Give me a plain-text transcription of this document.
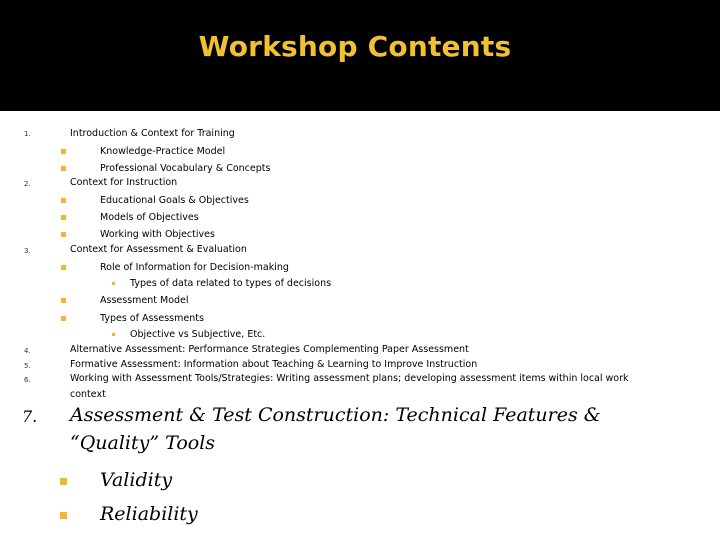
Workshop Contents
1.	Introduction & Context for Training
Knowledge-Practice Model
Professional Vocabulary & Concepts
2.	Context for Instruction
Educational Goals & Objectives
Models of Objectives
Working with Objectives
3.	Context for Assessment & Evaluation
Role of Information for Decision-making
Types of data related to types of decisions
Assessment Model
Types of Assessments
Objective vs Subjective, Etc.
4.	Alternative Assessment: Performance Strategies Complementing Paper Assessment
5.	Formative Assessment: Information about Teaching & Learning to Improve Instruction
6.	Working with Assessment Tools/Strategies: Writing assessment plans; developing assessment items within local work
context
7. Assessment & Test Construction: Technical Features &
“Quality” Tools
Validity
Reliability
